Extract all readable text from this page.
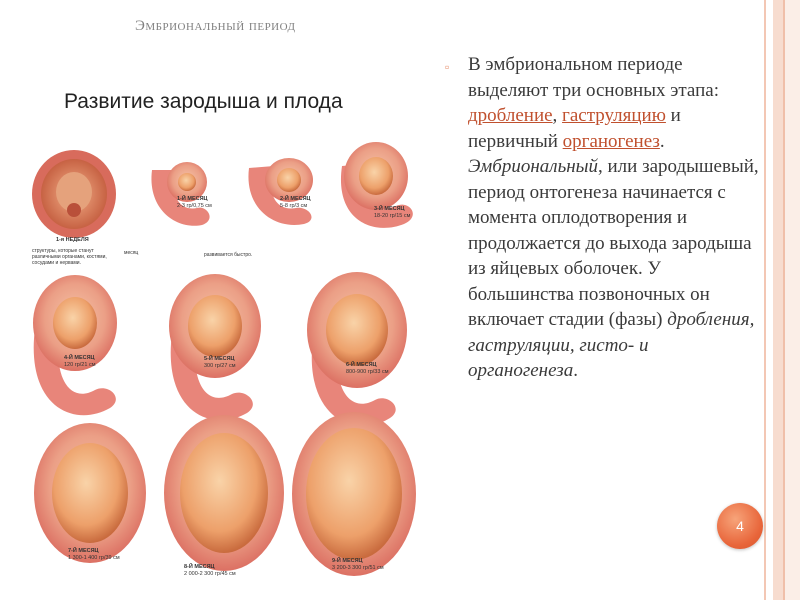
Эмбриональный период
Развитие зародыша и плода
1-я НЕДЕЛЯ
1-Й МЕСЯЦ
2-3 гр/0,75 см
2-Й МЕСЯЦ
5-8 гр/3 см
3-Й МЕСЯЦ
18-20 гр/15 см
4-Й МЕСЯЦ
120 гр/21 см
5-Й МЕСЯЦ
300 гр/27 см	6-Й МЕСЯЦ
800-900 гр/33 см
7-Й МЕСЯЦ
1 300-1 400 гр/39 см
8-Й МЕСЯЦ
2 000-2 300 гр/45 см
9-Й МЕСЯЦ
3 200-3 300 гр/51 см
структуры, которые станут различными органами, костями, сосудами и нервами.
месяц	развивается быстро.
▫ В эмбриональном периоде выделяют три основных этапа: дробление, гаструляцию и первичный органогенез. Эмбриональный, или зародышевый, период онтогенеза начинается с момента оплодотворения и продолжается до выхода зародыша из яйцевых оболочек. У большинства позвоночных он включает стадии (фазы) дробления, гаструляции, гисто- и органогенеза.

4
